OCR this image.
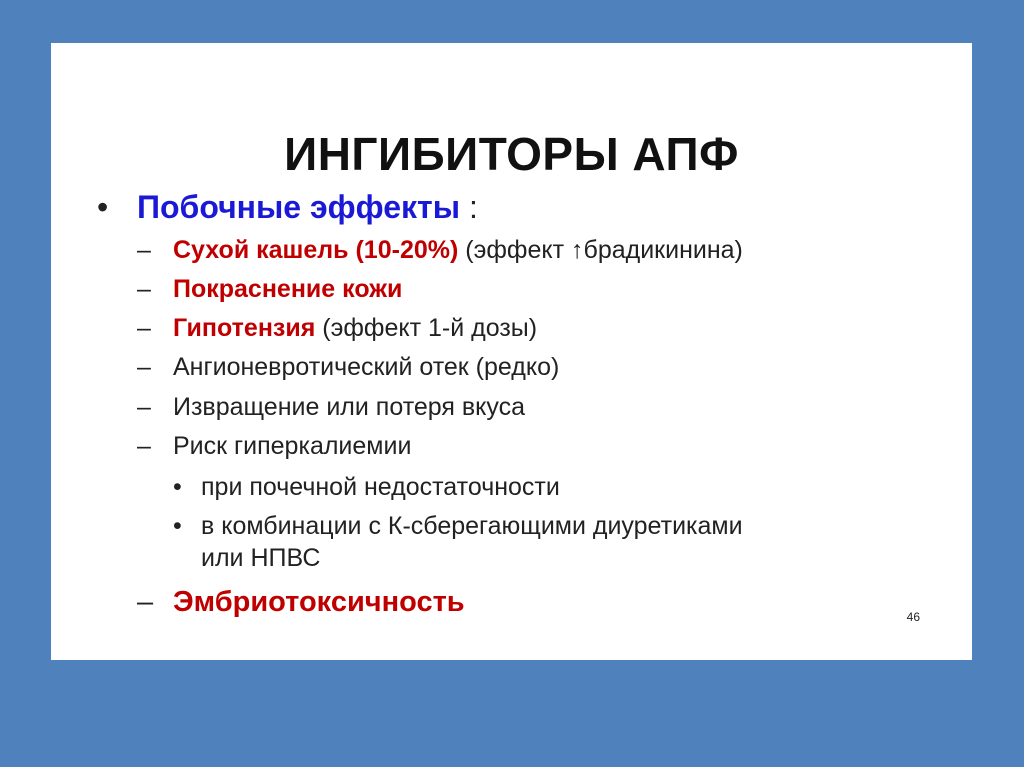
ИНГИБИТОРЫ АПФ
• Побочные эффекты :
– Сухой кашель (10-20%) (эффект ↑брадикинина)
– Покраснение кожи
– Гипотензия (эффект 1-й дозы)
– Ангионевротический отек (редко)
– Извращение или потеря вкуса
– Риск гиперкалиемии
• при почечной недостаточности
• в комбинации с К-сберегающими диуретиками
или НПВС
– Эмбриотоксичность	46
